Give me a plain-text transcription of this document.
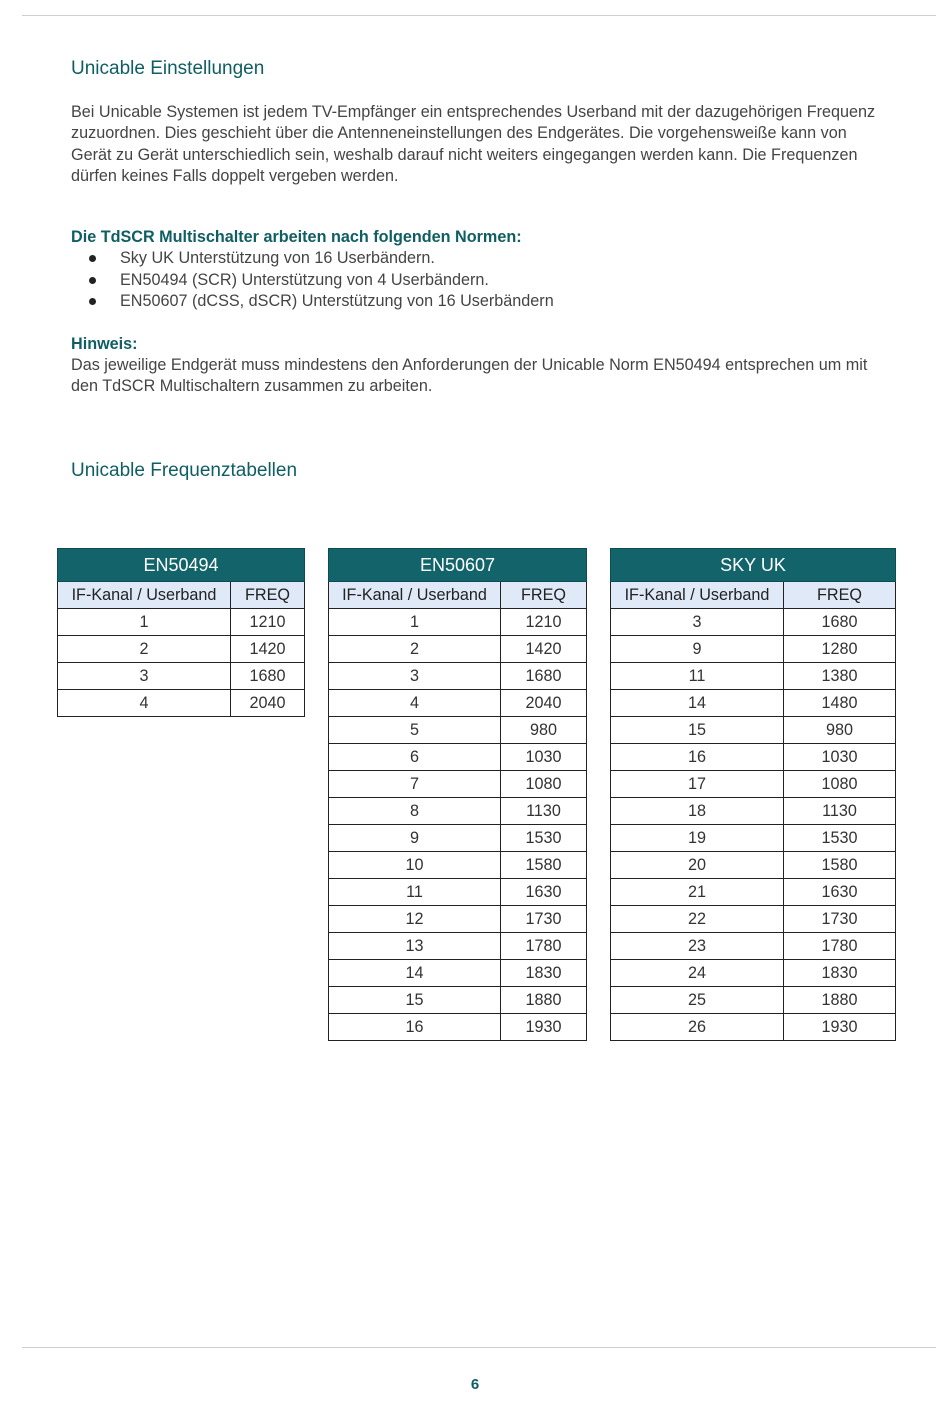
Unicable Einstellungen

Bei Unicable Systemen ist jedem TV-Empfänger ein entsprechendes Userband mit der dazugehörigen Frequenz zuzuordnen. Dies geschieht über die Antenneneinstellungen des Endgerätes. Die vorgehensweiße kann von Gerät zu Gerät unterschiedlich sein, weshalb darauf nicht weiters eingegangen werden kann. Die Frequenzen dürfen keines Falls doppelt vergeben werden.

Die TdSCR Multischalter arbeiten nach folgenden Normen:
Sky UK Unterstützung von 16 Userbändern.
EN50494 (SCR) Unterstützung von 4 Userbändern.
EN50607 (dCSS, dSCR) Unterstützung von 16 Userbändern
Hinweis:

Das jeweilige Endgerät muss mindestens den Anforderungen der Unicable Norm EN50494 entsprechen um mit den TdSCR Multischaltern zusammen zu arbeiten.

Unicable Frequenztabellen
EN50494	
IF-Kanal / Userband	FREQ
1	1210
2	1420
3	1680
4	2040
EN50607	
IF-Kanal / Userband	FREQ
1	1210
2	1420
3	1680
4	2040
5	980
6	1030
7	1080
8	1130
9	1530
10	1580
11	1630
12	1730
13	1780
14	1830
15	1880
16	1930
SKY UK	
IF-Kanal / Userband	FREQ
3	1680
9	1280
11	1380
14	1480
15	980
16	1030
17	1080
18	1130
19	1530
20	1580
21	1630
22	1730
23	1780
24	1830
25	1880
26	1930
6
